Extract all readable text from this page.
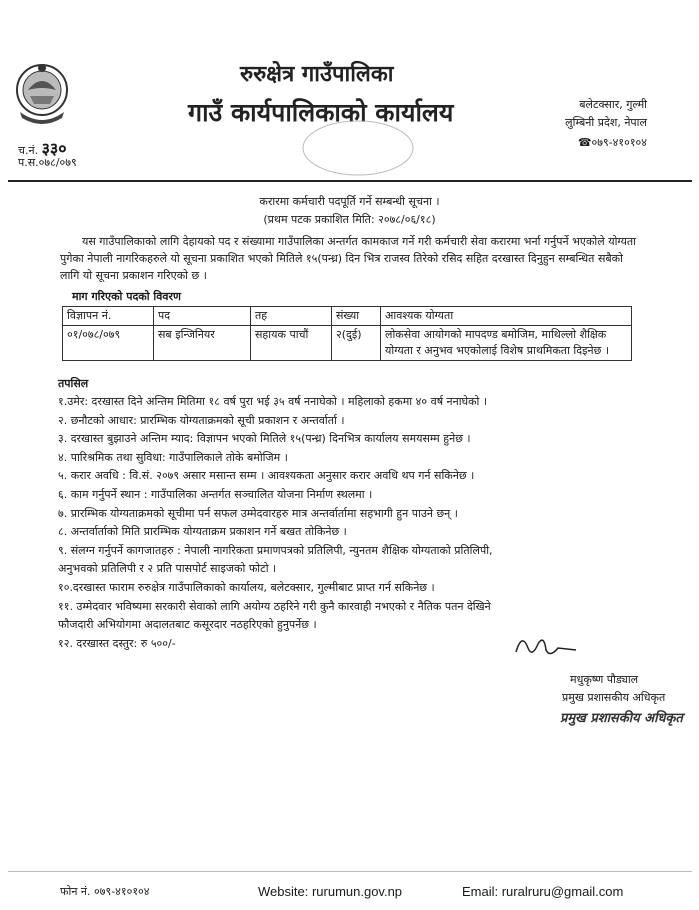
रुरुक्षेत्र गाउँपालिका
गाउँ कार्यपालिकाको कार्यालय	बलेटक्सार, गुल्मी
लुम्बिनी प्रदेश, नेपाल
☎०७९-४१०१०४
च.नं. ३३०
प.स.०७८/०७९
करारमा कर्मचारी पदपूर्ति गर्ने सम्बन्धी सूचना ।
(प्रथम पटक प्रकाशित मिति: २०७८/०६/१८)
यस गाउँपालिकाको लागि देहायको पद र संख्यामा गाउँपालिका अन्तर्गत कामकाज गर्ने गरी कर्मचारी सेवा करारमा भर्ना गर्नुपर्ने भएकोले योग्यता पुगेका नेपाली नागरिकहरुले यो सूचना प्रकाशित भएको मितिले १५(पन्ध्र) दिन भित्र राजस्व तिरेको रसिद सहित दरखास्त दिनुहुन सम्बन्धित सबैको लागि यो सूचना प्रकाशन गरिएको छ ।
माग गरिएको पदको विवरण
विज्ञापन नं.	पद	तह	संख्या	आवश्यक योग्यता
०१/०७८/०७९	सब इन्जिनियर	सहायक पाचौं	२(दुई)	लोकसेवा आयोगको मापदण्ड बमोजिम, माथिल्लो शैक्षिक योग्यता र अनुभव भएकोलाई विशेष प्राथमिकता दिइनेछ ।
तपसिल
१.उमेर: दरखास्त दिने अन्तिम मितिमा १८ वर्ष पुरा भई ३५ वर्ष ननाघेको । महिलाको हकमा ४० वर्ष ननाघेको ।
२. छनौटको आधार: प्रारम्भिक योग्यताक्रमको सूची प्रकाशन र अन्तर्वार्ता ।
३. दरखास्त बुझाउने अन्तिम म्याद: विज्ञापन भएको मितिले १५(पन्ध्र) दिनभित्र कार्यालय समयसम्म हुनेछ ।
४. पारिश्रमिक तथा सुविधा: गाउँपालिकाले तोके बमोजिम ।
५. करार अवधि : वि.सं. २०७९ असार मसान्त सम्म । आवश्यकता अनुसार करार अवधि थप गर्न सकिनेछ ।
६. काम गर्नुपर्ने स्थान : गाउँपालिका अन्तर्गत सञ्चालित योजना निर्माण स्थलमा ।
७. प्रारम्भिक योग्यताक्रमको सूचीमा पर्न सफल उम्मेदवारहरु मात्र अन्तर्वार्तामा सहभागी हुन पाउने छन् ।
८. अन्तर्वार्ताको मिति प्रारम्भिक योग्यताक्रम प्रकाशन गर्ने बखत तोकिनेछ ।
९. संलग्न गर्नुपर्ने कागजातहरु : नेपाली नागरिकता प्रमाणपत्रको प्रतिलिपी, न्युनतम शैक्षिक योग्यताको प्रतिलिपी,
अनुभवको प्रतिलिपी र २ प्रति पासपोर्ट साइजको फोटो ।
१०.दरखास्त फाराम रुरुक्षेत्र गाउँपालिकाको कार्यालय, बलेटक्सार, गुल्मीबाट प्राप्त गर्न सकिनेछ ।
११. उम्मेदवार भविष्यमा सरकारी सेवाको लागि अयोग्य ठहरिने गरी कुनै कारवाही नभएको र नैतिक पतन देखिने
फौजदारी अभियोगमा अदालतबाट कसूरदार नठहरिएको हुनुपर्नेछ ।
१२. दरखास्त दस्तुर: रु ५००/-
मधुकृष्ण पौड्याल
प्रमुख प्रशासकीय अधिकृत
प्रमुख प्रशासकीय अधिकृत
फोन नं. ०७९-४१०१०४	Website: rurumun.gov.np	Email: ruralruru@gmail.com
